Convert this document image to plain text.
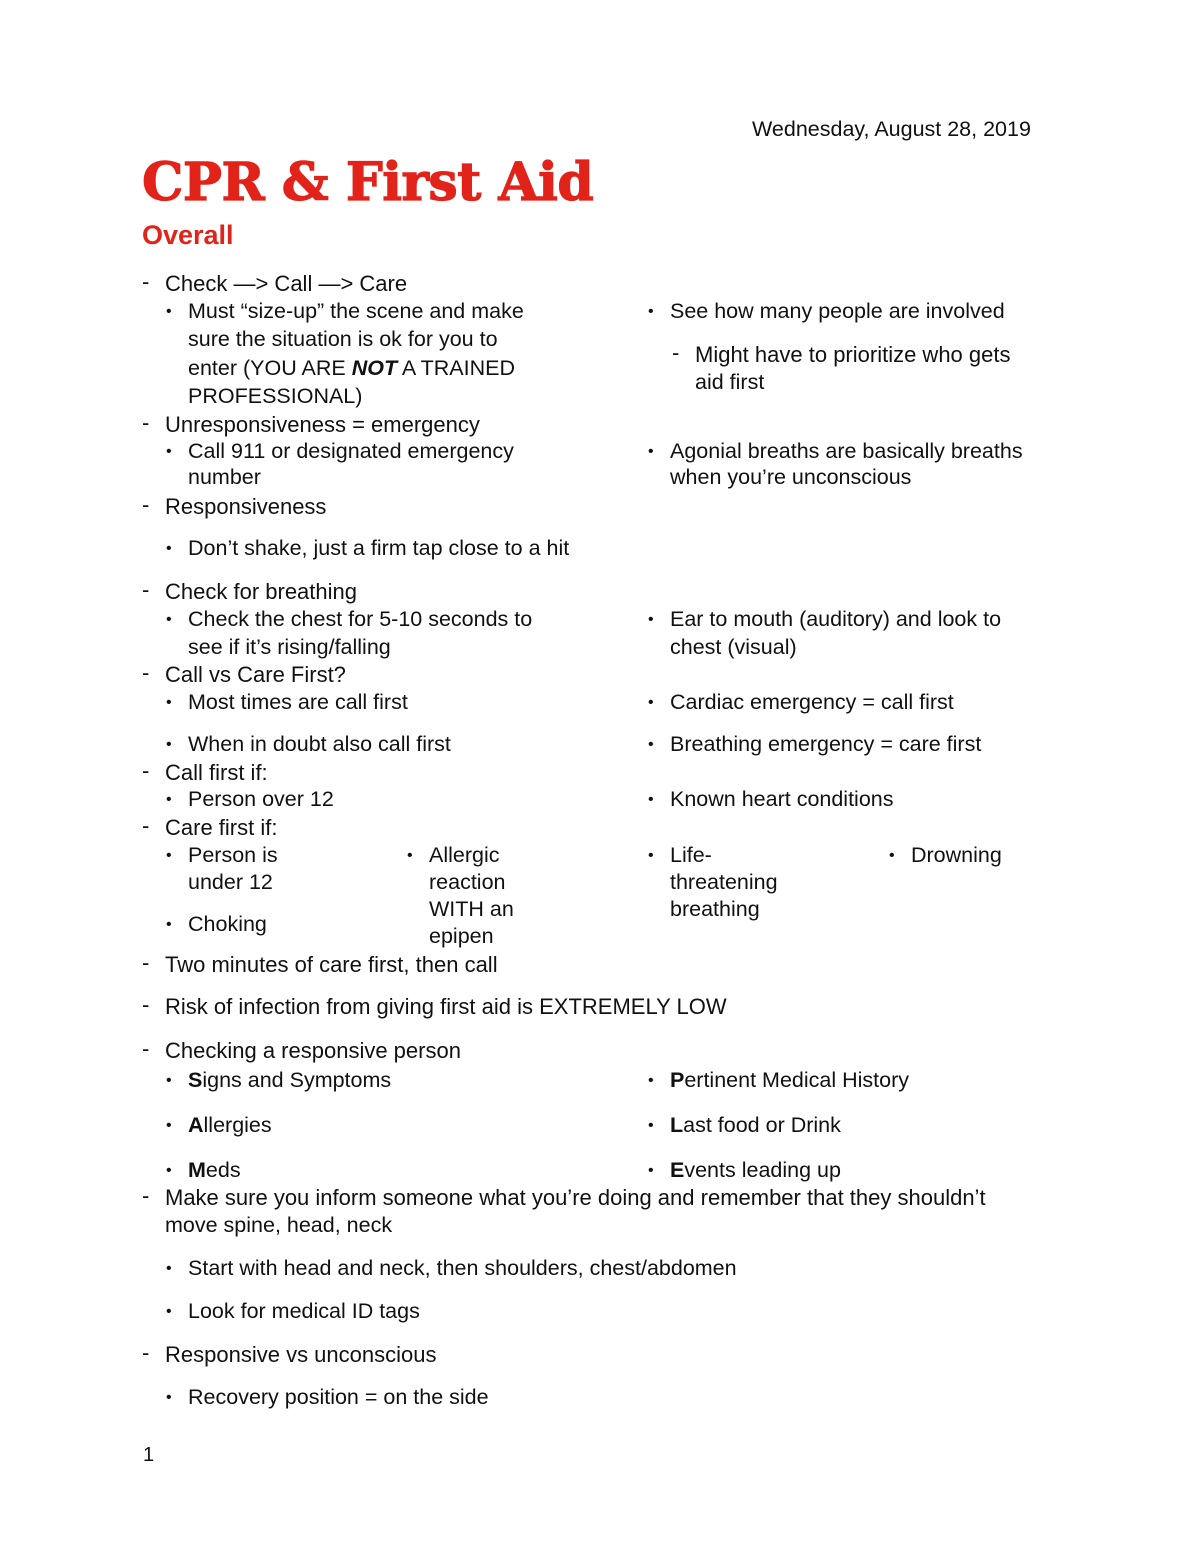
Wednesday, August 28, 2019
CPR & First Aid
Overall
- Check —> Call —> Care
• Must “size-up” the scene and make
sure the situation is ok for you to
enter (YOU ARE NOT A TRAINED
PROFESSIONAL)
• See how many people are involved
- Might have to prioritize who gets
aid first
- Unresponsiveness = emergency
• Call 911 or designated emergency
number
• Agonial breaths are basically breaths
when you’re unconscious
- Responsiveness
• Don’t shake, just a firm tap close to a hit
- Check for breathing
• Check the chest for 5-10 seconds to
see if it’s rising/falling
• Ear to mouth (auditory) and look to
chest (visual)
- Call vs Care First?
• Most times are call first	• Cardiac emergency = call first
• When in doubt also call first	• Breathing emergency = care first
- Call first if:
• Person over 12	• Known heart conditions
- Care first if:
• Person is
under 12
• Allergic
reaction
WITH an
epipen
• Life-
threatening
breathing
• Drowning
• Choking
- Two minutes of care first, then call
- Risk of infection from giving first aid is EXTREMELY LOW
- Checking a responsive person
• Signs and Symptoms
• Allergies
• Meds
• Pertinent Medical History
• Last food or Drink
• Events leading up
- Make sure you inform someone what you’re doing and remember that they shouldn’t
move spine, head, neck
• Start with head and neck, then shoulders, chest/abdomen
• Look for medical ID tags
- Responsive vs unconscious
• Recovery position = on the side
1
